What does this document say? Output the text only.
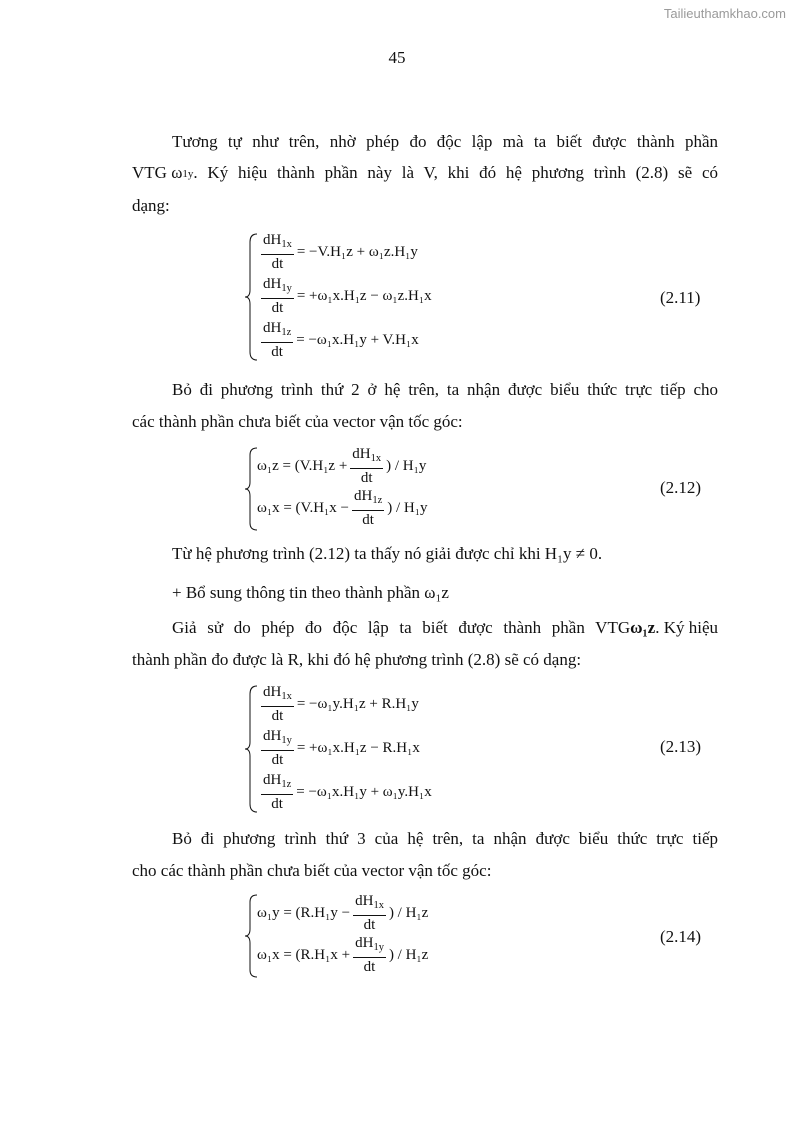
Tailieuthamkhao.com
45
Tương tự như trên, nhờ phép đo độc lập mà ta biết được thành phần
VTG $\omega_{1y}$ . Ký hiệu thành phần này là V, khi đó hệ phương trình (2.8) sẽ có
dạng:
$\frac{dH_{1x}}{dt} = -V.H_1z + \omega_1z.H_1y$
$\frac{dH_{1y}}{dt} = +\omega_1x.H_1z - \omega_1z.H_1x$
$\frac{dH_{1z}}{dt} = -\omega_1x.H_1y + V.H_1x$
(2.11)
Bỏ đi phương trình thứ 2 ở hệ trên, ta nhận được biểu thức trực tiếp cho
các thành phần chưa biết của vector vận tốc góc:
$\omega_1z = (V.H_1z + \frac{dH_{1x}}{dt}$ ) / H₁y
$\omega_1x = (V.H_1x - \frac{dH_{1z}}{dt}$ ) / H₁y
(2.12)
Từ hệ phương trình (2.12) ta thấy nó giải được chỉ khi H₁y ≠ 0.
+ Bổ sung thông tin theo thành phần ω₁z
Giả sử do phép đo độc lập ta biết được thành phần VTG ω₁z . Ký hiệu
thành phần đo được là R, khi đó hệ phương trình (2.8) sẽ có dạng:
$\frac{dH_{1x}}{dt} = -\omega_1y.H_1z + R.H_1y$
$\frac{dH_{1y}}{dt} = +\omega_1x.H_1z - R.H_1x$
$\frac{dH_{1z}}{dt} = -\omega_1x.H_1y + \omega_1y.H_1x$
(2.13)
Bỏ đi phương trình thứ 3 của hệ trên, ta nhận được biểu thức trực tiếp
cho các thành phần chưa biết của vector vận tốc góc:
$\omega_1y = (R.H_1y - \frac{dH_{1x}}{dt}$ ) / H₁z
$\omega_1x = (R.H_1x + \frac{dH_{1y}}{dt}$ ) / H₁z
(2.14)
